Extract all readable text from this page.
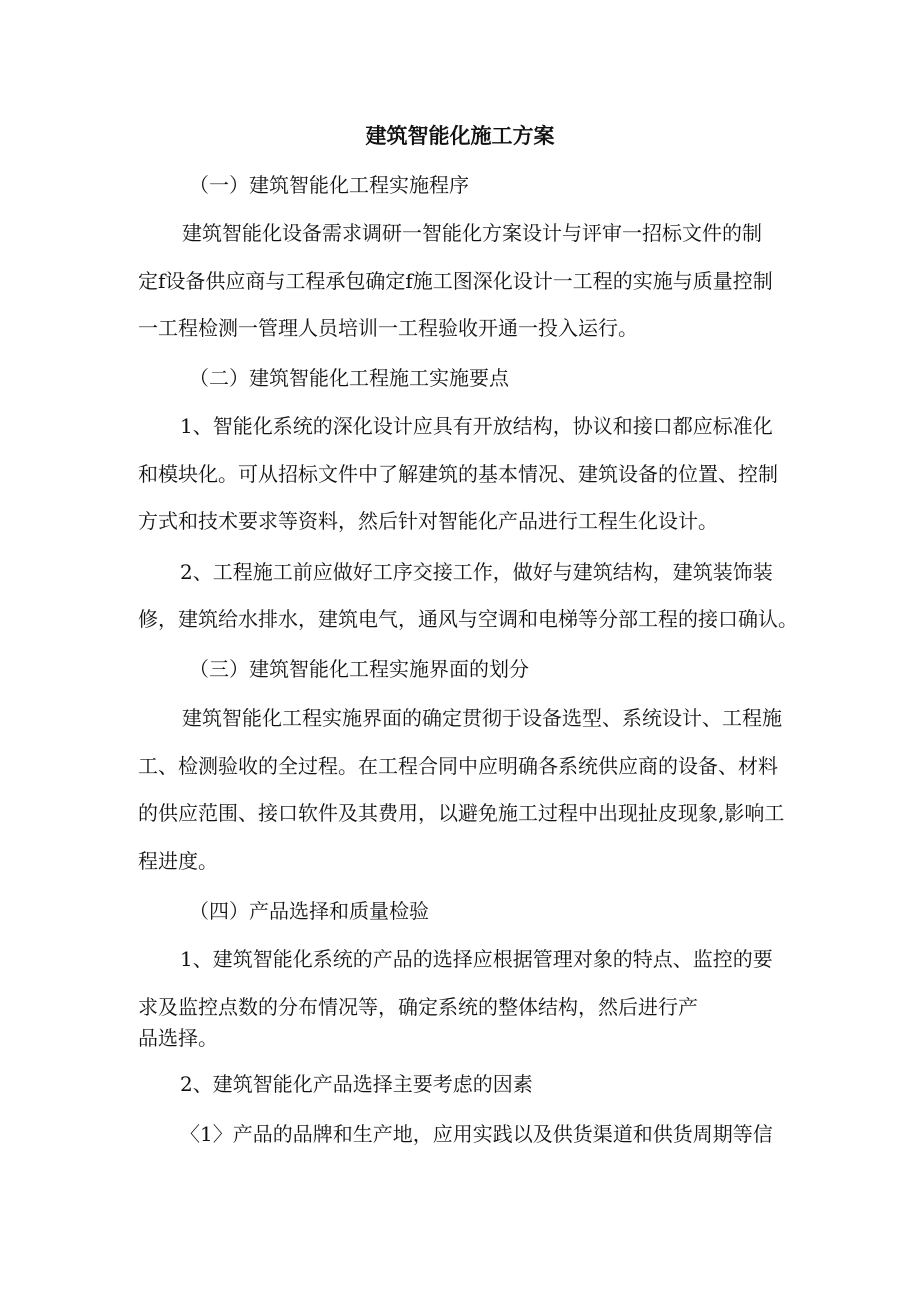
建筑智能化施工方案
（一）建筑智能化工程实施程序
建筑智能化设备需求调研一智能化方案设计与评审一招标文件的制
定f设备供应商与工程承包确定f施工图深化设计一工程的实施与质量控制
一工程检测一管理人员培训一工程验收开通一投入运行。
（二）建筑智能化工程施工实施要点
1、智能化系统的深化设计应具有开放结构，协议和接口都应标准化
和模块化。可从招标文件中了解建筑的基本情况、建筑设备的位置、控制
方式和技术要求等资料，然后针对智能化产品进行工程生化设计。
2、工程施工前应做好工序交接工作，做好与建筑结构，建筑装饰装
修，建筑给水排水，建筑电气，通风与空调和电梯等分部工程的接口确认。
（三）建筑智能化工程实施界面的划分
建筑智能化工程实施界面的确定贯彻于设备选型、系统设计、工程施
工、检测验收的全过程。在工程合同中应明确各系统供应商的设备、材料
的供应范围、接口软件及其费用，以避免施工过程中出现扯皮现象,影响工
程进度。
（四）产品选择和质量检验
1、建筑智能化系统的产品的选择应根据管理对象的特点、监控的要
求及监控点数的分布情况等，确定系统的整体结构，然后进行产
品选择。
2、建筑智能化产品选择主要考虑的因素
〈1〉产品的品牌和生产地，应用实践以及供货渠道和供货周期等信
